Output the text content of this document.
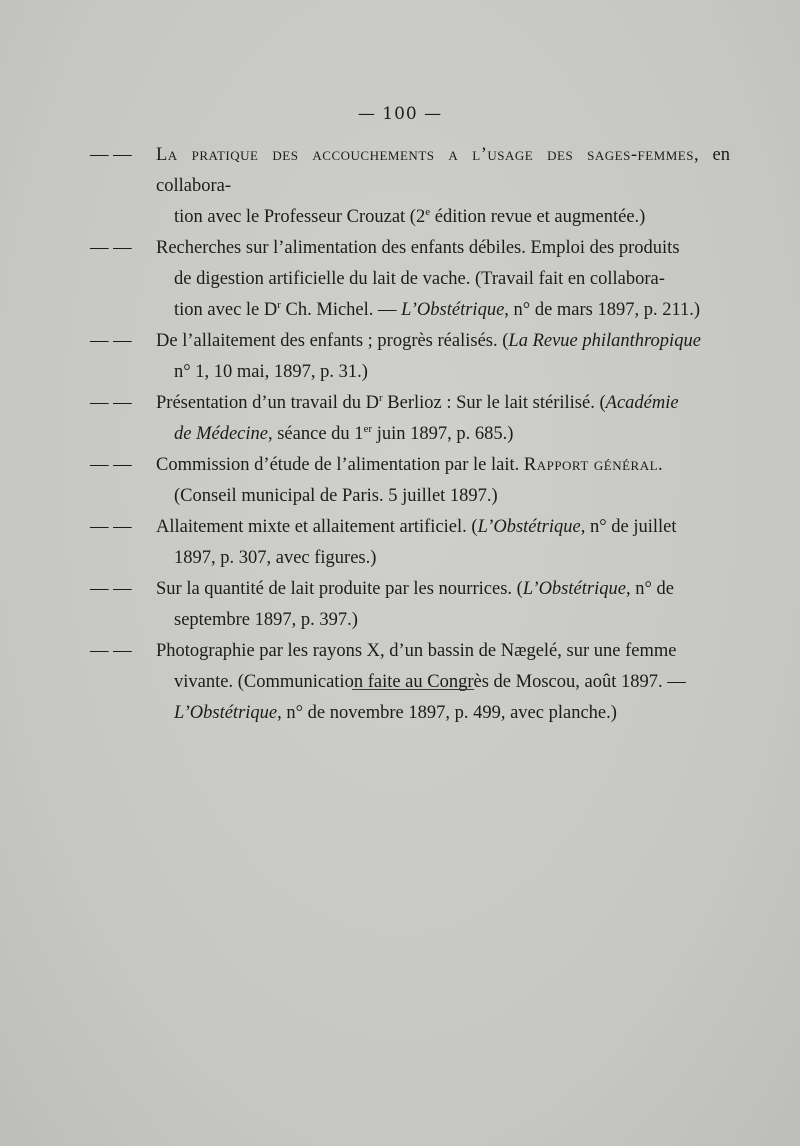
— 100 —
— —	La pratique des accouchements a l’usage des sages-femmes, en collabora-
tion avec le Professeur Crouzat (2e édition revue et augmentée.)
— —	Recherches sur l’alimentation des enfants débiles. Emploi des produits
de digestion artificielle du lait de vache. (Travail fait en collabora-
tion avec le $D^r$ Ch. Michel. — L’Obstétrique, n° de mars 1897, p. 211.)
— —	De l’allaitement des enfants ; progrès réalisés. (La Revue philanthropique
n° 1, 10 mai, 1897, p. 31.)
— —	Présentation d’un travail du $D^r$ Berlioz : Sur le lait stérilisé. (Académie
de Médecine, séance du 1er juin 1897, p. 685.)
— —	Commission d’étude de l’alimentation par le lait. Rapport général.
(Conseil municipal de Paris. 5 juillet 1897.)
— —	Allaitement mixte et allaitement artificiel. (L’Obstétrique, n° de juillet
1897, p. 307, avec figures.)
— —	Sur la quantité de lait produite par les nourrices. (L’Obstétrique, n° de
septembre 1897, p. 397.)
— —	Photographie par les rayons X, d’un bassin de Nægelé, sur une femme
vivante. (Communication faite au Congrès de Moscou, août 1897. —
L’Obstétrique, n° de novembre 1897, p. 499, avec planche.)
